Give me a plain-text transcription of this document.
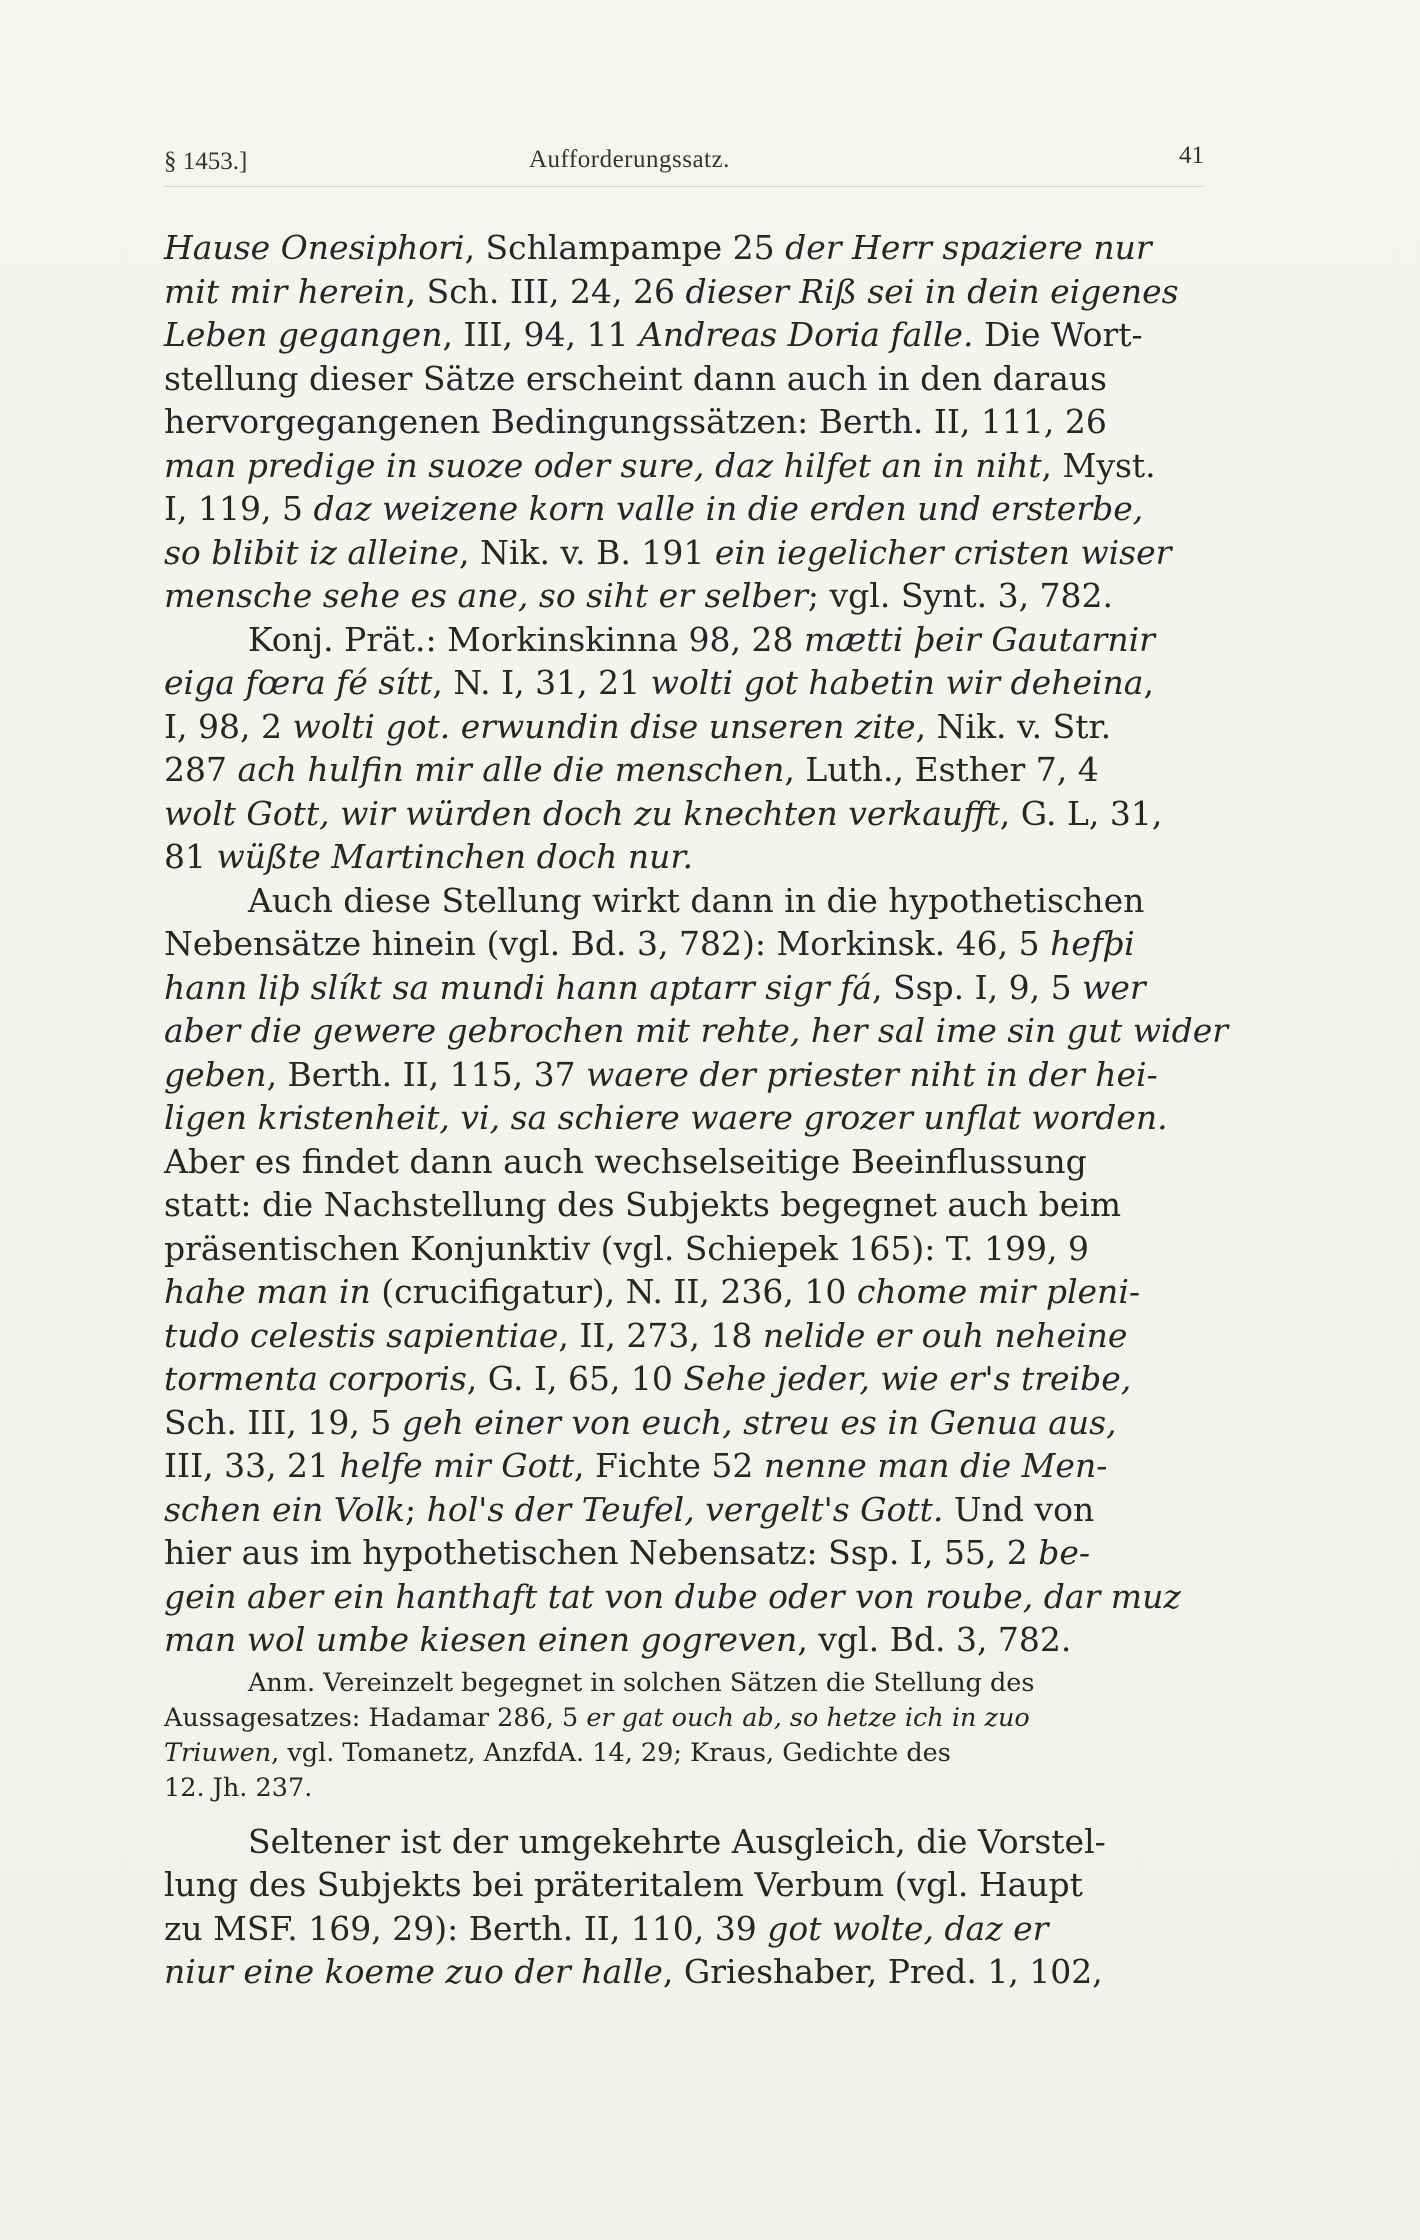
§ 1453.]	Aufforderungssatz.	41
Hause Onesiphori, Schlampampe 25 der Herr spaziere nur
mit mir herein, Sch. III, 24, 26 dieser Riß sei in dein eigenes
Leben gegangen, III, 94, 11 Andreas Doria falle. Die Wort-
stellung dieser Sätze erscheint dann auch in den daraus
hervorgegangenen Bedingungssätzen: Berth. II, 111, 26
man predige in suoze oder sure, daz hilfet an in niht, Myst.
I, 119, 5 daz weizene korn valle in die erden und ersterbe,
so blibit iz alleine, Nik. v. B. 191 ein iegelicher cristen wiser
mensche sehe es ane, so siht er selber; vgl. Synt. 3, 782.
Konj. Prät.: Morkinskinna 98, 28 mætti þeir Gautarnir
eiga fœra fé sítt, N. I, 31, 21 wolti got habetin wir deheina,
I, 98, 2 wolti got. erwundin dise unseren zite, Nik. v. Str.
287 ach hulfin mir alle die menschen, Luth., Esther 7, 4
wolt Gott, wir würden doch zu knechten verkaufft, G. L, 31,
81 wüßte Martinchen doch nur.
Auch diese Stellung wirkt dann in die hypothetischen
Nebensätze hinein (vgl. Bd. 3, 782): Morkinsk. 46, 5 hefþi
hann liþ slíkt sa mundi hann aptarr sigr fá, Ssp. I, 9, 5 wer
aber die gewere gebrochen mit rehte, her sal ime sin gut wider
geben, Berth. II, 115, 37 waere der priester niht in der hei-
ligen kristenheit, vi, sa schiere waere grozer unflat worden.
Aber es findet dann auch wechselseitige Beeinflussung
statt: die Nachstellung des Subjekts begegnet auch beim
präsentischen Konjunktiv (vgl. Schiepek 165): T. 199, 9
hahe man in (crucifigatur), N. II, 236, 10 chome mir pleni-
tudo celestis sapientiae, II, 273, 18 nelide er ouh neheine
tormenta corporis, G. I, 65, 10 Sehe jeder, wie er's treibe,
Sch. III, 19, 5 geh einer von euch, streu es in Genua aus,
III, 33, 21 helfe mir Gott, Fichte 52 nenne man die Men-
schen ein Volk; hol's der Teufel, vergelt's Gott. Und von
hier aus im hypothetischen Nebensatz: Ssp. I, 55, 2 be-
gein aber ein hanthaft tat von dube oder von roube, dar muz
man wol umbe kiesen einen gogreven, vgl. Bd. 3, 782.
Anm. Vereinzelt begegnet in solchen Sätzen die Stellung des
Aussagesatzes: Hadamar 286, 5 er gat ouch ab, so hetze ich in zuo
Triuwen, vgl. Tomanetz, AnzfdA. 14, 29; Kraus, Gedichte des
12. Jh. 237.
Seltener ist der umgekehrte Ausgleich, die Vorstel-
lung des Subjekts bei präteritalem Verbum (vgl. Haupt
zu MSF. 169, 29): Berth. II, 110, 39 got wolte, daz er
niur eine koeme zuo der halle, Grieshaber, Pred. 1, 102,
